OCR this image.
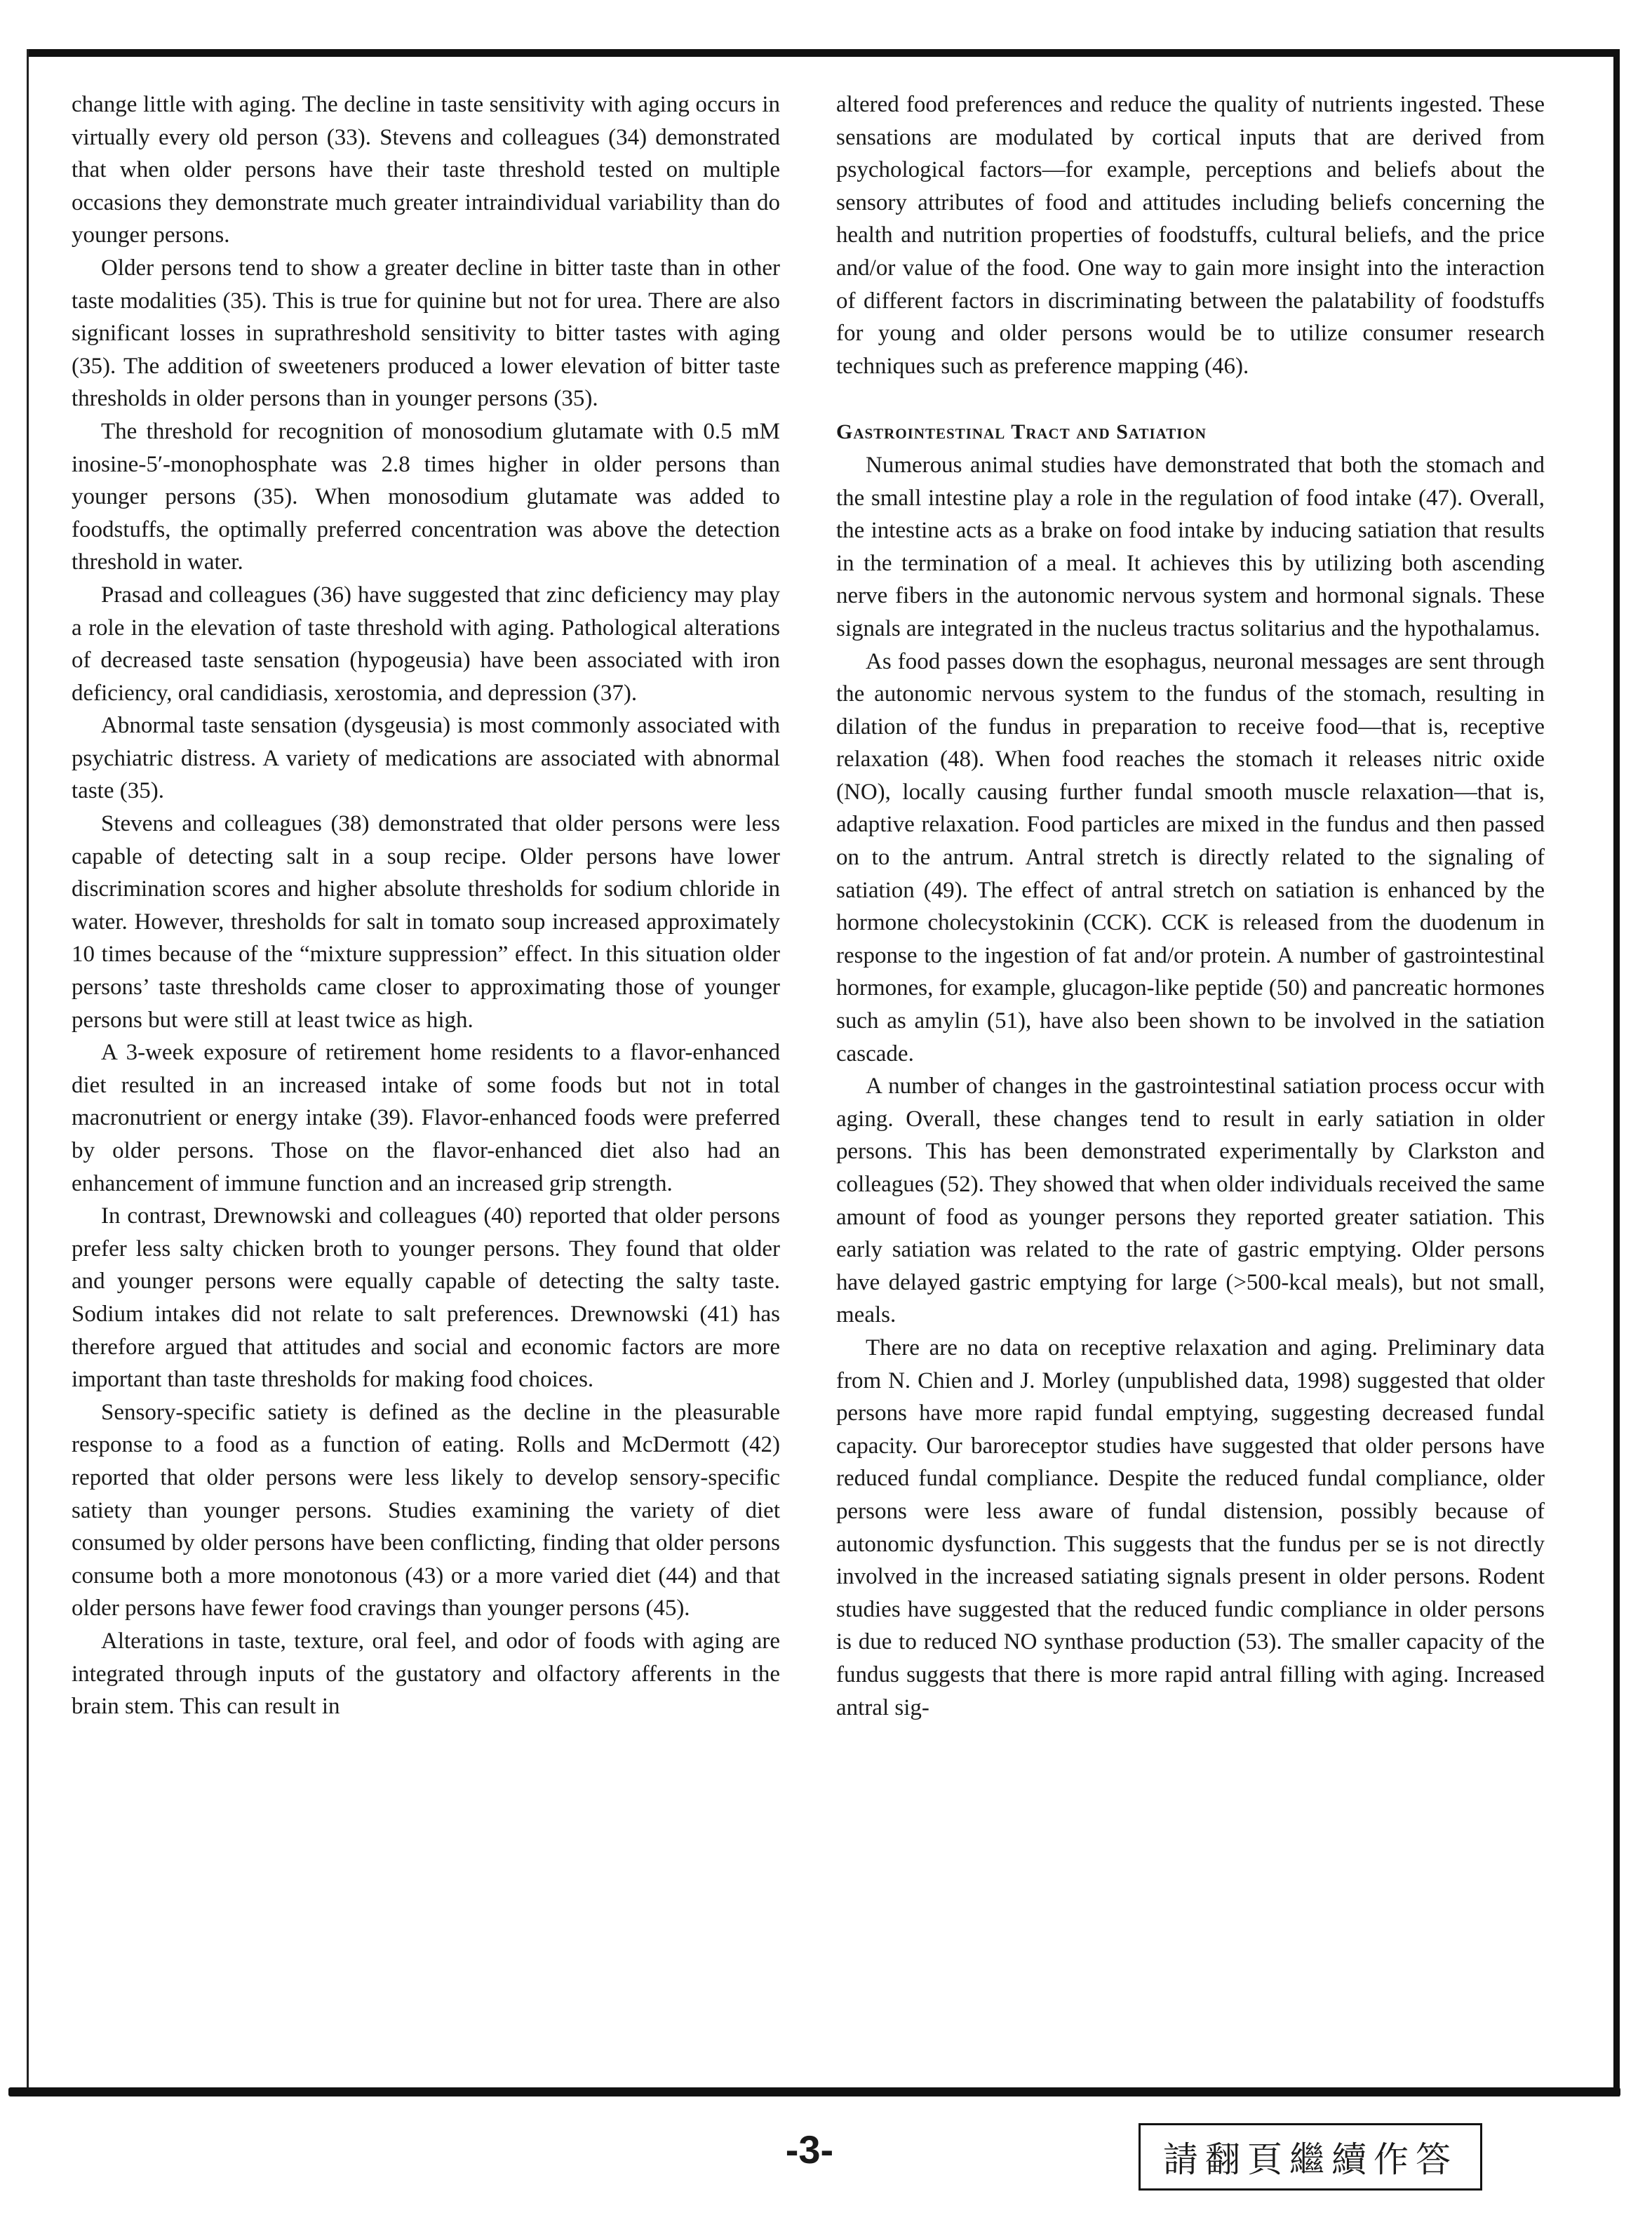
change little with aging. The decline in taste sensitivity with aging occurs in virtually every old person (33). Stevens and colleagues (34) demonstrated that when older persons have their taste threshold tested on multiple occasions they demonstrate much greater intraindividual variability than do younger persons.

Older persons tend to show a greater decline in bitter taste than in other taste modalities (35). This is true for quinine but not for urea. There are also significant losses in suprathreshold sensitivity to bitter tastes with aging (35). The addition of sweeteners produced a lower elevation of bitter taste thresholds in older persons than in younger persons (35).

The threshold for recognition of monosodium glutamate with 0.5 mM inosine-5′-monophosphate was 2.8 times higher in older persons than younger persons (35). When monosodium glutamate was added to foodstuffs, the optimally preferred concentration was above the detection threshold in water.

Prasad and colleagues (36) have suggested that zinc deficiency may play a role in the elevation of taste threshold with aging. Pathological alterations of decreased taste sensation (hypogeusia) have been associated with iron deficiency, oral candidiasis, xerostomia, and depression (37).

Abnormal taste sensation (dysgeusia) is most commonly associated with psychiatric distress. A variety of medications are associated with abnormal taste (35).

Stevens and colleagues (38) demonstrated that older persons were less capable of detecting salt in a soup recipe. Older persons have lower discrimination scores and higher absolute thresholds for sodium chloride in water. However, thresholds for salt in tomato soup increased approximately 10 times because of the “mixture suppression” effect. In this situation older persons’ taste thresholds came closer to approximating those of younger persons but were still at least twice as high.

A 3-week exposure of retirement home residents to a flavor-enhanced diet resulted in an increased intake of some foods but not in total macronutrient or energy intake (39). Flavor-enhanced foods were preferred by older persons. Those on the flavor-enhanced diet also had an enhancement of immune function and an increased grip strength.

In contrast, Drewnowski and colleagues (40) reported that older persons prefer less salty chicken broth to younger persons. They found that older and younger persons were equally capable of detecting the salty taste. Sodium intakes did not relate to salt preferences. Drewnowski (41) has therefore argued that attitudes and social and economic factors are more important than taste thresholds for making food choices.

Sensory-specific satiety is defined as the decline in the pleasurable response to a food as a function of eating. Rolls and McDermott (42) reported that older persons were less likely to develop sensory-specific satiety than younger persons. Studies examining the variety of diet consumed by older persons have been conflicting, finding that older persons consume both a more monotonous (43) or a more varied diet (44) and that older persons have fewer food cravings than younger persons (45).

Alterations in taste, texture, oral feel, and odor of foods with aging are integrated through inputs of the gustatory and olfactory afferents in the brain stem. This can result in

altered food preferences and reduce the quality of nutrients ingested. These sensations are modulated by cortical inputs that are derived from psychological factors—for example, perceptions and beliefs about the sensory attributes of food and attitudes including beliefs concerning the health and nutrition properties of foodstuffs, cultural beliefs, and the price and/or value of the food. One way to gain more insight into the interaction of different factors in discriminating between the palatability of foodstuffs for young and older persons would be to utilize consumer research techniques such as preference mapping (46).

Gastrointestinal Tract and Satiation

Numerous animal studies have demonstrated that both the stomach and the small intestine play a role in the regulation of food intake (47). Overall, the intestine acts as a brake on food intake by inducing satiation that results in the termination of a meal. It achieves this by utilizing both ascending nerve fibers in the autonomic nervous system and hormonal signals. These signals are integrated in the nucleus tractus solitarius and the hypothalamus.

As food passes down the esophagus, neuronal messages are sent through the autonomic nervous system to the fundus of the stomach, resulting in dilation of the fundus in preparation to receive food—that is, receptive relaxation (48). When food reaches the stomach it releases nitric oxide (NO), locally causing further fundal smooth muscle relaxation—that is, adaptive relaxation. Food particles are mixed in the fundus and then passed on to the antrum. Antral stretch is directly related to the signaling of satiation (49). The effect of antral stretch on satiation is enhanced by the hormone cholecystokinin (CCK). CCK is released from the duodenum in response to the ingestion of fat and/or protein. A number of gastrointestinal hormones, for example, glucagon-like peptide (50) and pancreatic hormones such as amylin (51), have also been shown to be involved in the satiation cascade.

A number of changes in the gastrointestinal satiation process occur with aging. Overall, these changes tend to result in early satiation in older persons. This has been demonstrated experimentally by Clarkston and colleagues (52). They showed that when older individuals received the same amount of food as younger persons they reported greater satiation. This early satiation was related to the rate of gastric emptying. Older persons have delayed gastric emptying for large (>500-kcal meals), but not small, meals.

There are no data on receptive relaxation and aging. Preliminary data from N. Chien and J. Morley (unpublished data, 1998) suggested that older persons have more rapid fundal emptying, suggesting decreased fundal capacity. Our baroreceptor studies have suggested that older persons have reduced fundal compliance. Despite the reduced fundal compliance, older persons were less aware of fundal distension, possibly because of autonomic dysfunction. This suggests that the fundus per se is not directly involved in the increased satiating signals present in older persons. Rodent studies have suggested that the reduced fundic compliance in older persons is due to reduced NO synthase production (53). The smaller capacity of the fundus suggests that there is more rapid antral filling with aging. Increased antral sig-

-3-	請翻頁繼續作答
